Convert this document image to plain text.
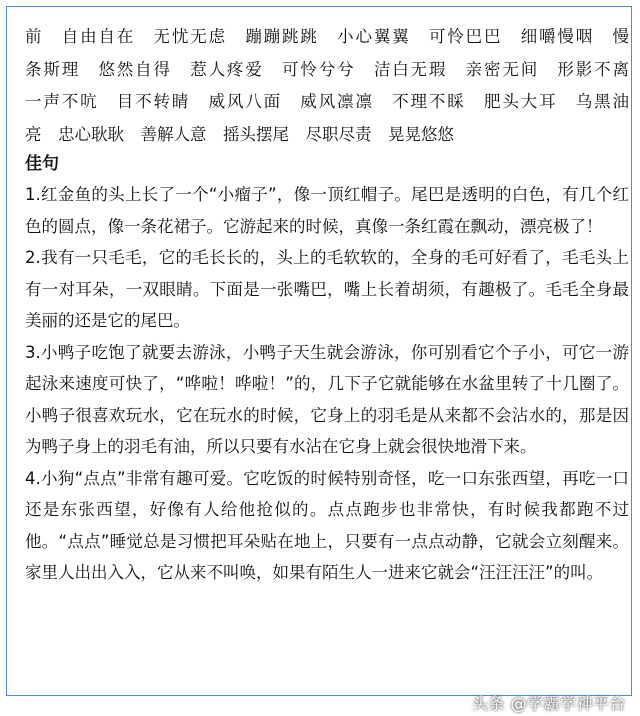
前　自由自在　无忧无虑　蹦蹦跳跳　小心翼翼　可怜巴巴　细嚼慢咽　慢
条斯理　悠然自得　惹人疼爱　可怜兮兮　洁白无瑕　亲密无间　形影不离
一声不吭　目不转睛　威风八面　威风凛凛　不理不睬　肥头大耳　乌黑油
亮　忠心耿耿　善解人意　摇头摆尾　尽职尽责　晃晃悠悠
佳句

1.红金鱼的头上长了一个“小瘤子”，像一顶红帽子。尾巴是透明的白色，有几个红色的圆点，像一条花裙子。它游起来的时候，真像一条红霞在飘动，漂亮极了！

2.我有一只毛毛，它的毛长长的，头上的毛软软的，全身的毛可好看了，毛毛头上有一对耳朵，一双眼睛。下面是一张嘴巴，嘴上长着胡须，有趣极了。毛毛全身最美丽的还是它的尾巴。

3.小鸭子吃饱了就要去游泳，小鸭子天生就会游泳，你可别看它个子小，可它一游起泳来速度可快了，“哗啦！哗啦！”的，几下子它就能够在水盆里转了十几圈了。小鸭子很喜欢玩水，它在玩水的时候，它身上的羽毛是从来都不会沾水的，那是因为鸭子身上的羽毛有油，所以只要有水沾在它身上就会很快地滑下来。

4.小狗“点点”非常有趣可爱。它吃饭的时候特别奇怪，吃一口东张西望，再吃一口还是东张西望，好像有人给他抢似的。点点跑步也非常快，有时候我都跑不过他。“点点”睡觉总是习惯把耳朵贴在地上，只要有一点点动静，它就会立刻醒来。家里人出出入入，它从来不叫唤，如果有陌生人一进来它就会“汪汪汪汪”的叫。

头条 @学霸学神平台
